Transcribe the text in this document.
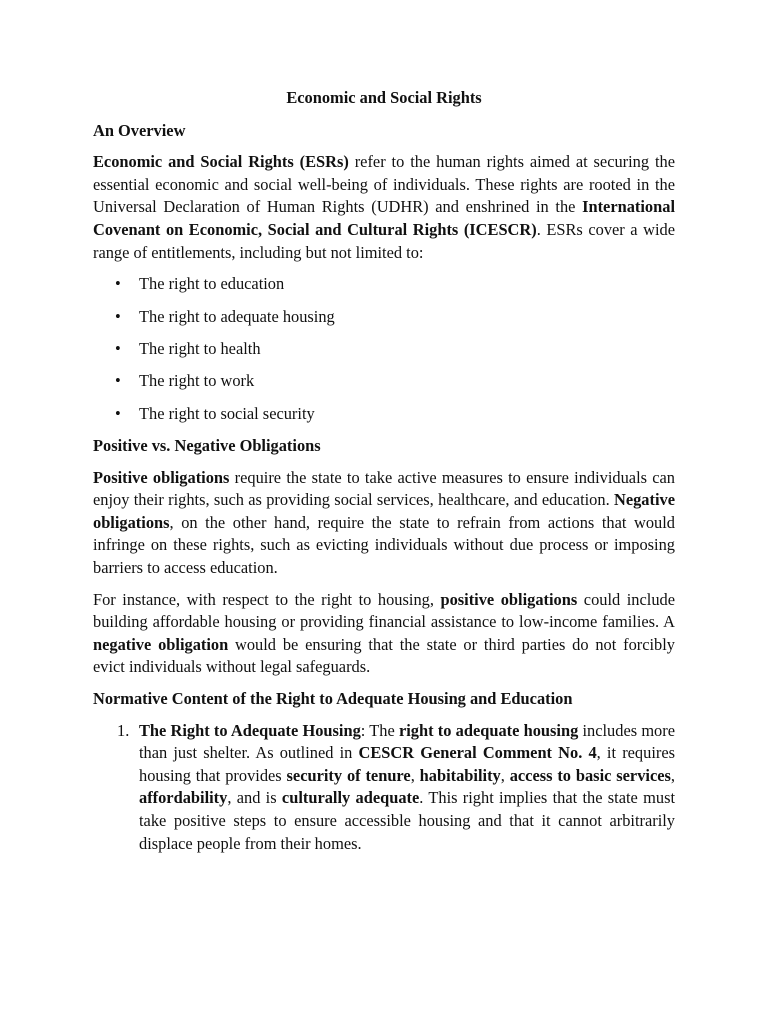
Economic and Social Rights
An Overview

Economic and Social Rights (ESRs) refer to the human rights aimed at securing the essential economic and social well-being of individuals. These rights are rooted in the Universal Declaration of Human Rights (UDHR) and enshrined in the International Covenant on Economic, Social and Cultural Rights (ICESCR). ESRs cover a wide range of entitlements, including but not limited to:

• The right to education
• The right to adequate housing
• The right to health
• The right to work
• The right to social security
Positive vs. Negative Obligations

Positive obligations require the state to take active measures to ensure individuals can enjoy their rights, such as providing social services, healthcare, and education. Negative obligations, on the other hand, require the state to refrain from actions that would infringe on these rights, such as evicting individuals without due process or imposing barriers to access education.

For instance, with respect to the right to housing, positive obligations could include building affordable housing or providing financial assistance to low-income families. A negative obligation would be ensuring that the state or third parties do not forcibly evict individuals without legal safeguards.

Normative Content of the Right to Adequate Housing and Education
1. The Right to Adequate Housing: The right to adequate housing includes more than just shelter. As outlined in CESCR General Comment No. 4, it requires housing that provides security of tenure, habitability, access to basic services, affordability, and is culturally adequate. This right implies that the state must take positive steps to ensure accessible housing and that it cannot arbitrarily displace people from their homes.
